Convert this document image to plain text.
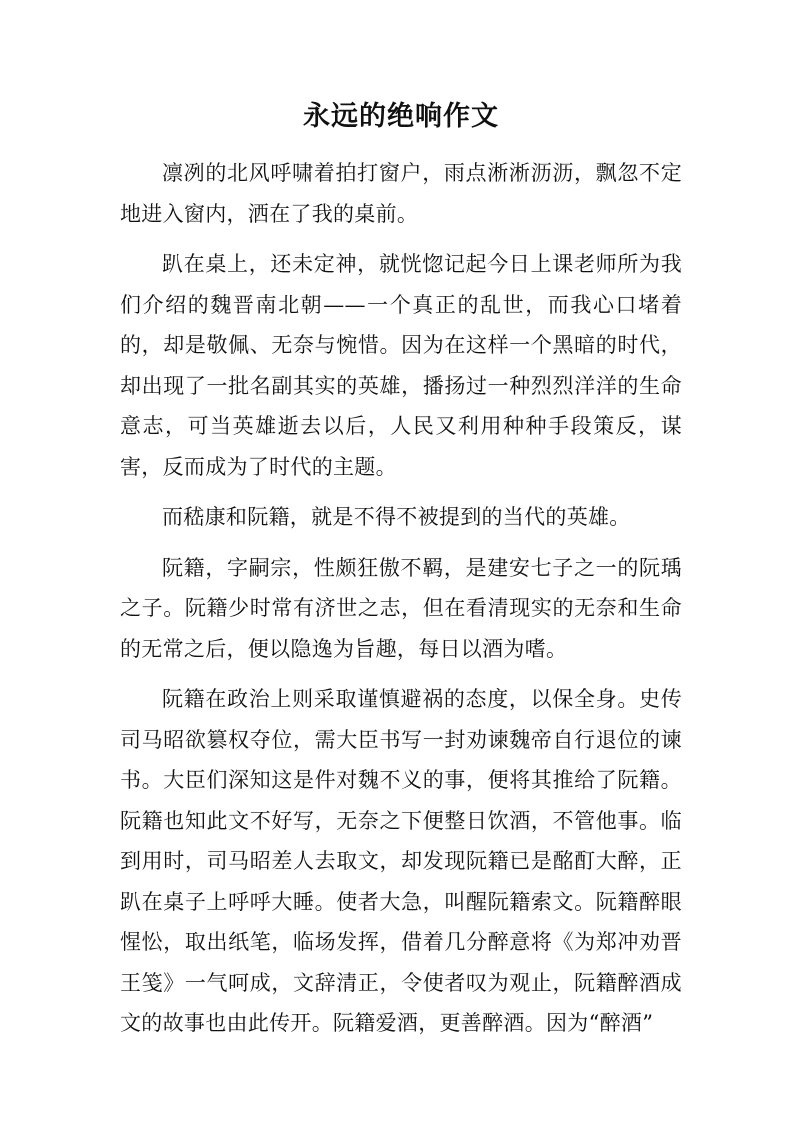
永远的绝响作文

凛冽的北风呼啸着拍打窗户，雨点淅淅沥沥，飘忽不定地进入窗内，洒在了我的桌前。

趴在桌上，还未定神，就恍惚记起今日上课老师所为我们介绍的魏晋南北朝——一个真正的乱世，而我心口堵着的，却是敬佩、无奈与惋惜。因为在这样一个黑暗的时代，却出现了一批名副其实的英雄，播扬过一种烈烈洋洋的生命意志，可当英雄逝去以后，人民又利用种种手段策反，谋害，反而成为了时代的主题。

而嵇康和阮籍，就是不得不被提到的当代的英雄。

阮籍，字嗣宗，性颇狂傲不羁，是建安七子之一的阮瑀之子。阮籍少时常有济世之志，但在看清现实的无奈和生命的无常之后，便以隐逸为旨趣，每日以酒为嗜。

阮籍在政治上则采取谨慎避祸的态度，以保全身。史传司马昭欲篡权夺位，需大臣书写一封劝谏魏帝自行退位的谏书。大臣们深知这是件对魏不义的事，便将其推给了阮籍。阮籍也知此文不好写，无奈之下便整日饮酒，不管他事。临到用时，司马昭差人去取文，却发现阮籍已是酩酊大醉，正趴在桌子上呼呼大睡。使者大急，叫醒阮籍索文。阮籍醉眼惺忪，取出纸笔，临场发挥，借着几分醉意将《为郑冲劝晋王笺》一气呵成，文辞清正，令使者叹为观止，阮籍醉酒成文的故事也由此传开。阮籍爱酒，更善醉酒。因为“醉酒”
